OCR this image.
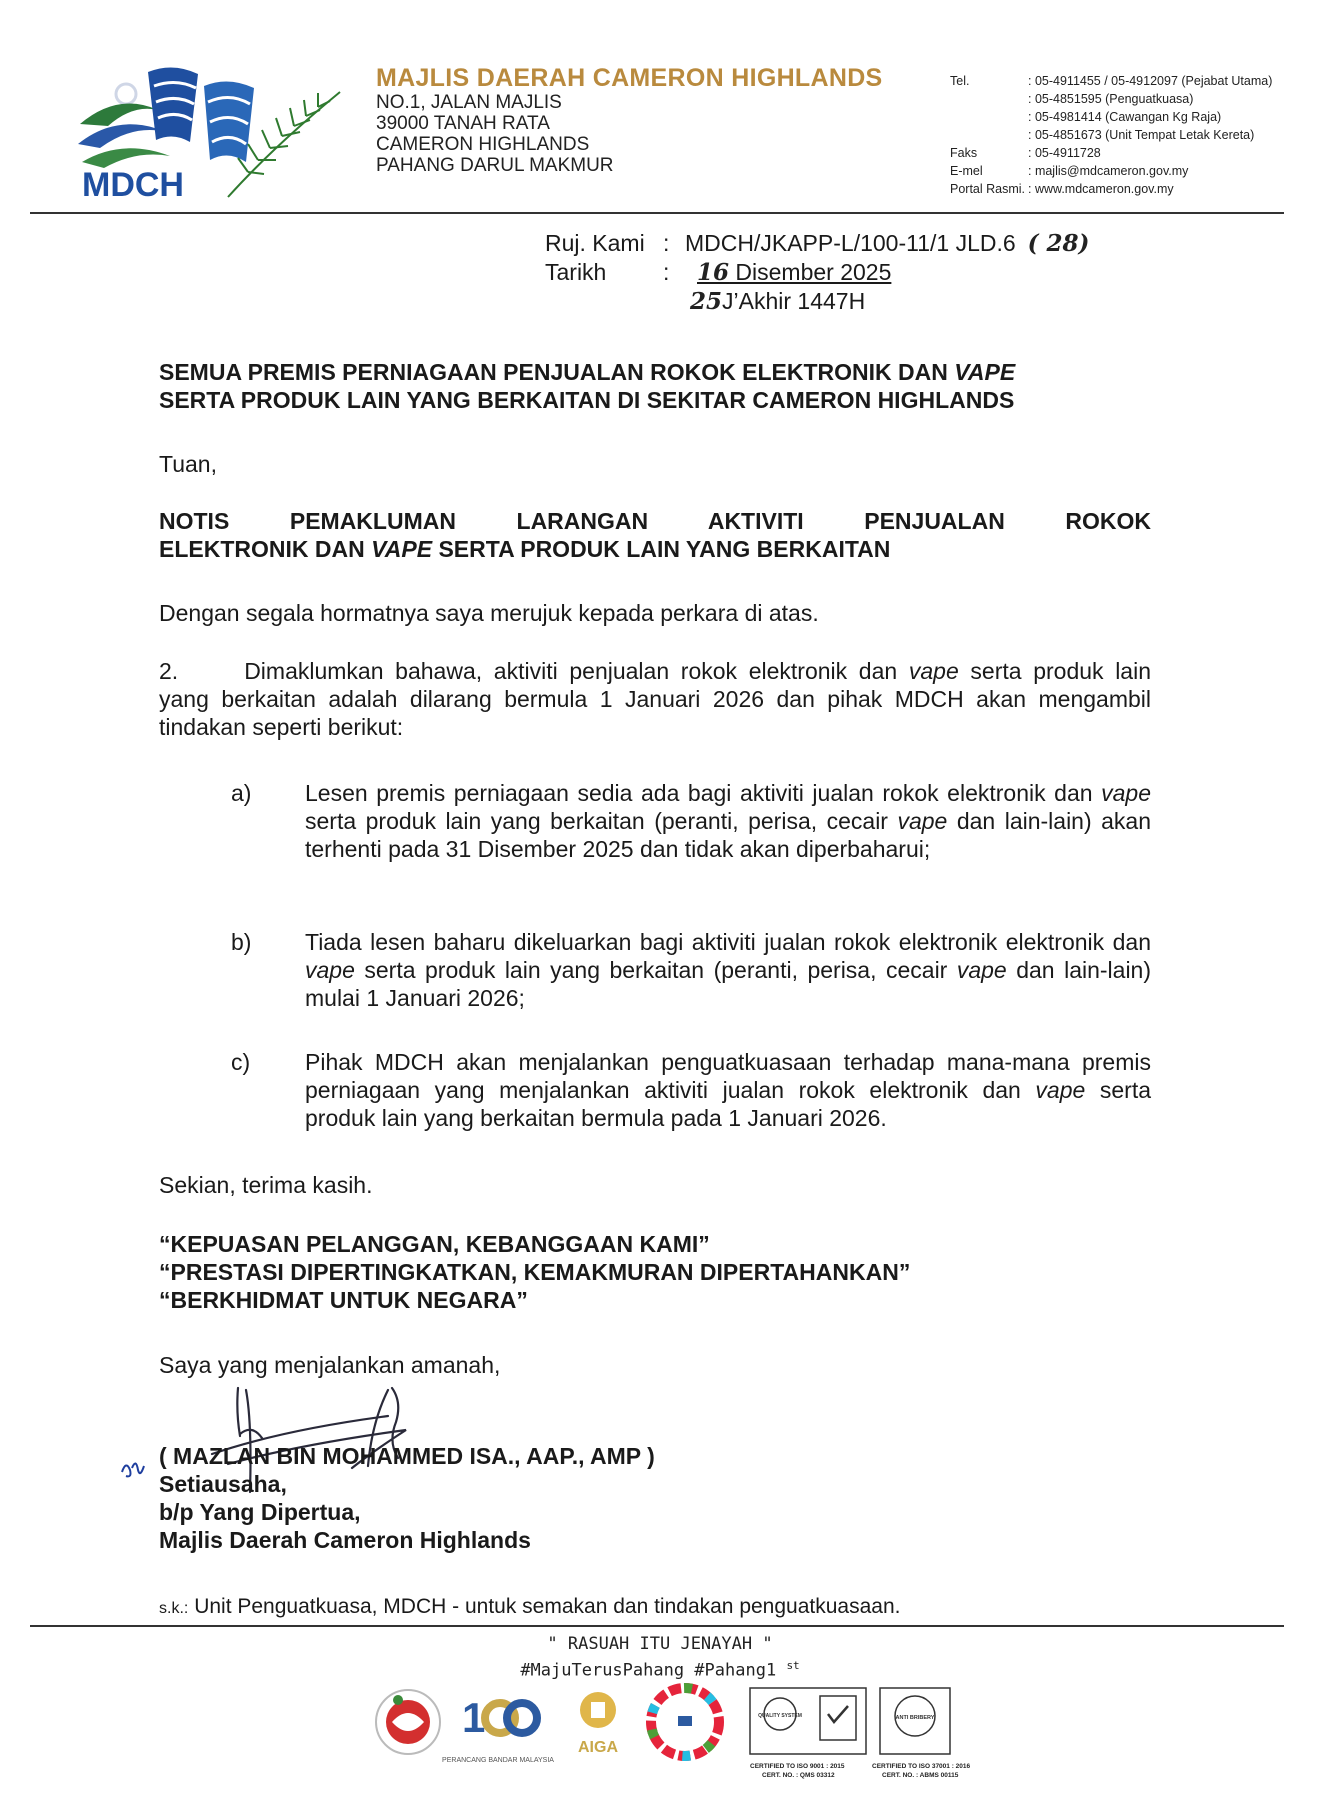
MDCH
MAJLIS DAERAH CAMERON HIGHLANDS
NO.1, JALAN MAJLIS
39000 TANAH RATA
CAMERON HIGHLANDS
PAHANG DARUL MAKMUR
Tel.	: 05-4911455 / 05-4912097 (Pejabat Utama)
: 05-4851595 (Penguatkuasa)
: 05-4981414 (Cawangan Kg Raja)
: 05-4851673 (Unit Tempat Letak Kereta)
Faks	: 05-4911728
E-mel	: majlis@mdcameron.gov.my
Portal Rasmi. : www.mdcameron.gov.my
Ruj. Kami : MDCH/JKAPP-L/100-11/1 JLD.6 ( 28)
Tarikh	:	16 Disember 2025
25 J’Akhir 1447H
SEMUA PREMIS PERNIAGAAN PENJUALAN ROKOK ELEKTRONIK DAN VAPE
SERTA PRODUK LAIN YANG BERKAITAN DI SEKITAR CAMERON HIGHLANDS
Tuan,
NOTIS PEMAKLUMAN LARANGAN AKTIVITI PENJUALAN ROKOK
ELEKTRONIK DAN VAPE SERTA PRODUK LAIN YANG BERKAITAN
Dengan segala hormatnya saya merujuk kepada perkara di atas.
2.	Dimaklumkan bahawa, aktiviti penjualan rokok elektronik dan vape serta produk lain yang berkaitan adalah dilarang bermula 1 Januari 2026 dan pihak MDCH akan mengambil tindakan seperti berikut:
a) Lesen premis perniagaan sedia ada bagi aktiviti jualan rokok elektronik dan vape serta produk lain yang berkaitan (peranti, perisa, cecair vape dan lain-lain) akan terhenti pada 31 Disember 2025 dan tidak akan diperbaharui;
b) Tiada lesen baharu dikeluarkan bagi aktiviti jualan rokok elektronik elektronik dan vape serta produk lain yang berkaitan (peranti, perisa, cecair vape dan lain-lain) mulai 1 Januari 2026;
c) Pihak MDCH akan menjalankan penguatkuasaan terhadap mana-mana premis perniagaan yang menjalankan aktiviti jualan rokok elektronik dan vape serta produk lain yang berkaitan bermula pada 1 Januari 2026.
Sekian, terima kasih.
“KEPUASAN PELANGGAN, KEBANGGAAN KAMI”
“PRESTASI DIPERTINGKATKAN, KEMAKMURAN DIPERTAHANKAN”
“BERKHIDMAT UNTUK NEGARA”
Saya yang menjalankan amanah,
( MAZLAN BIN MOHAMMED ISA., AAP., AMP )
Setiausaha,
b/p Yang Dipertua,
Majlis Daerah Cameron Highlands
s.k.: Unit Penguatkuasa, MDCH - untuk semakan dan tindakan penguatkuasaan.
" RASUAH ITU JENAYAH "
#MajuTerusPahang #Pahang1 $^{st}$
1
PERANCANG BANDAR MALAYSIA
AIGA
QUALITY SYSTEM
CERTIFIED TO ISO 9001 : 2015
CERT. NO. : QMS 03312
ANTI BRIBERY
CERTIFIED TO ISO 37001 : 2016
CERT. NO. : ABMS 00115
